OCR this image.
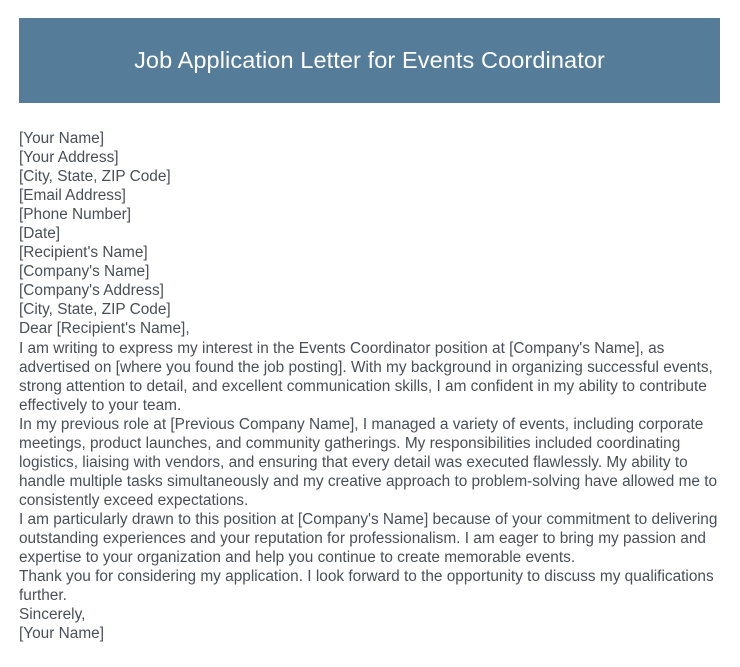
Job Application Letter for Events Coordinator
[Your Name]
[Your Address]
[City, State, ZIP Code]
[Email Address]
[Phone Number]
[Date]
[Recipient's Name]
[Company's Name]
[Company's Address]
[City, State, ZIP Code]
Dear [Recipient's Name],

I am writing to express my interest in the Events Coordinator position at [Company's Name], as advertised on [where you found the job posting]. With my background in organizing successful events, strong attention to detail, and excellent communication skills, I am confident in my ability to contribute effectively to your team.

In my previous role at [Previous Company Name], I managed a variety of events, including corporate meetings, product launches, and community gatherings. My responsibilities included coordinating logistics, liaising with vendors, and ensuring that every detail was executed flawlessly. My ability to handle multiple tasks simultaneously and my creative approach to problem-solving have allowed me to consistently exceed expectations.

I am particularly drawn to this position at [Company's Name] because of your commitment to delivering outstanding experiences and your reputation for professionalism. I am eager to bring my passion and expertise to your organization and help you continue to create memorable events.

Thank you for considering my application. I look forward to the opportunity to discuss my qualifications further.

Sincerely,
[Your Name]
